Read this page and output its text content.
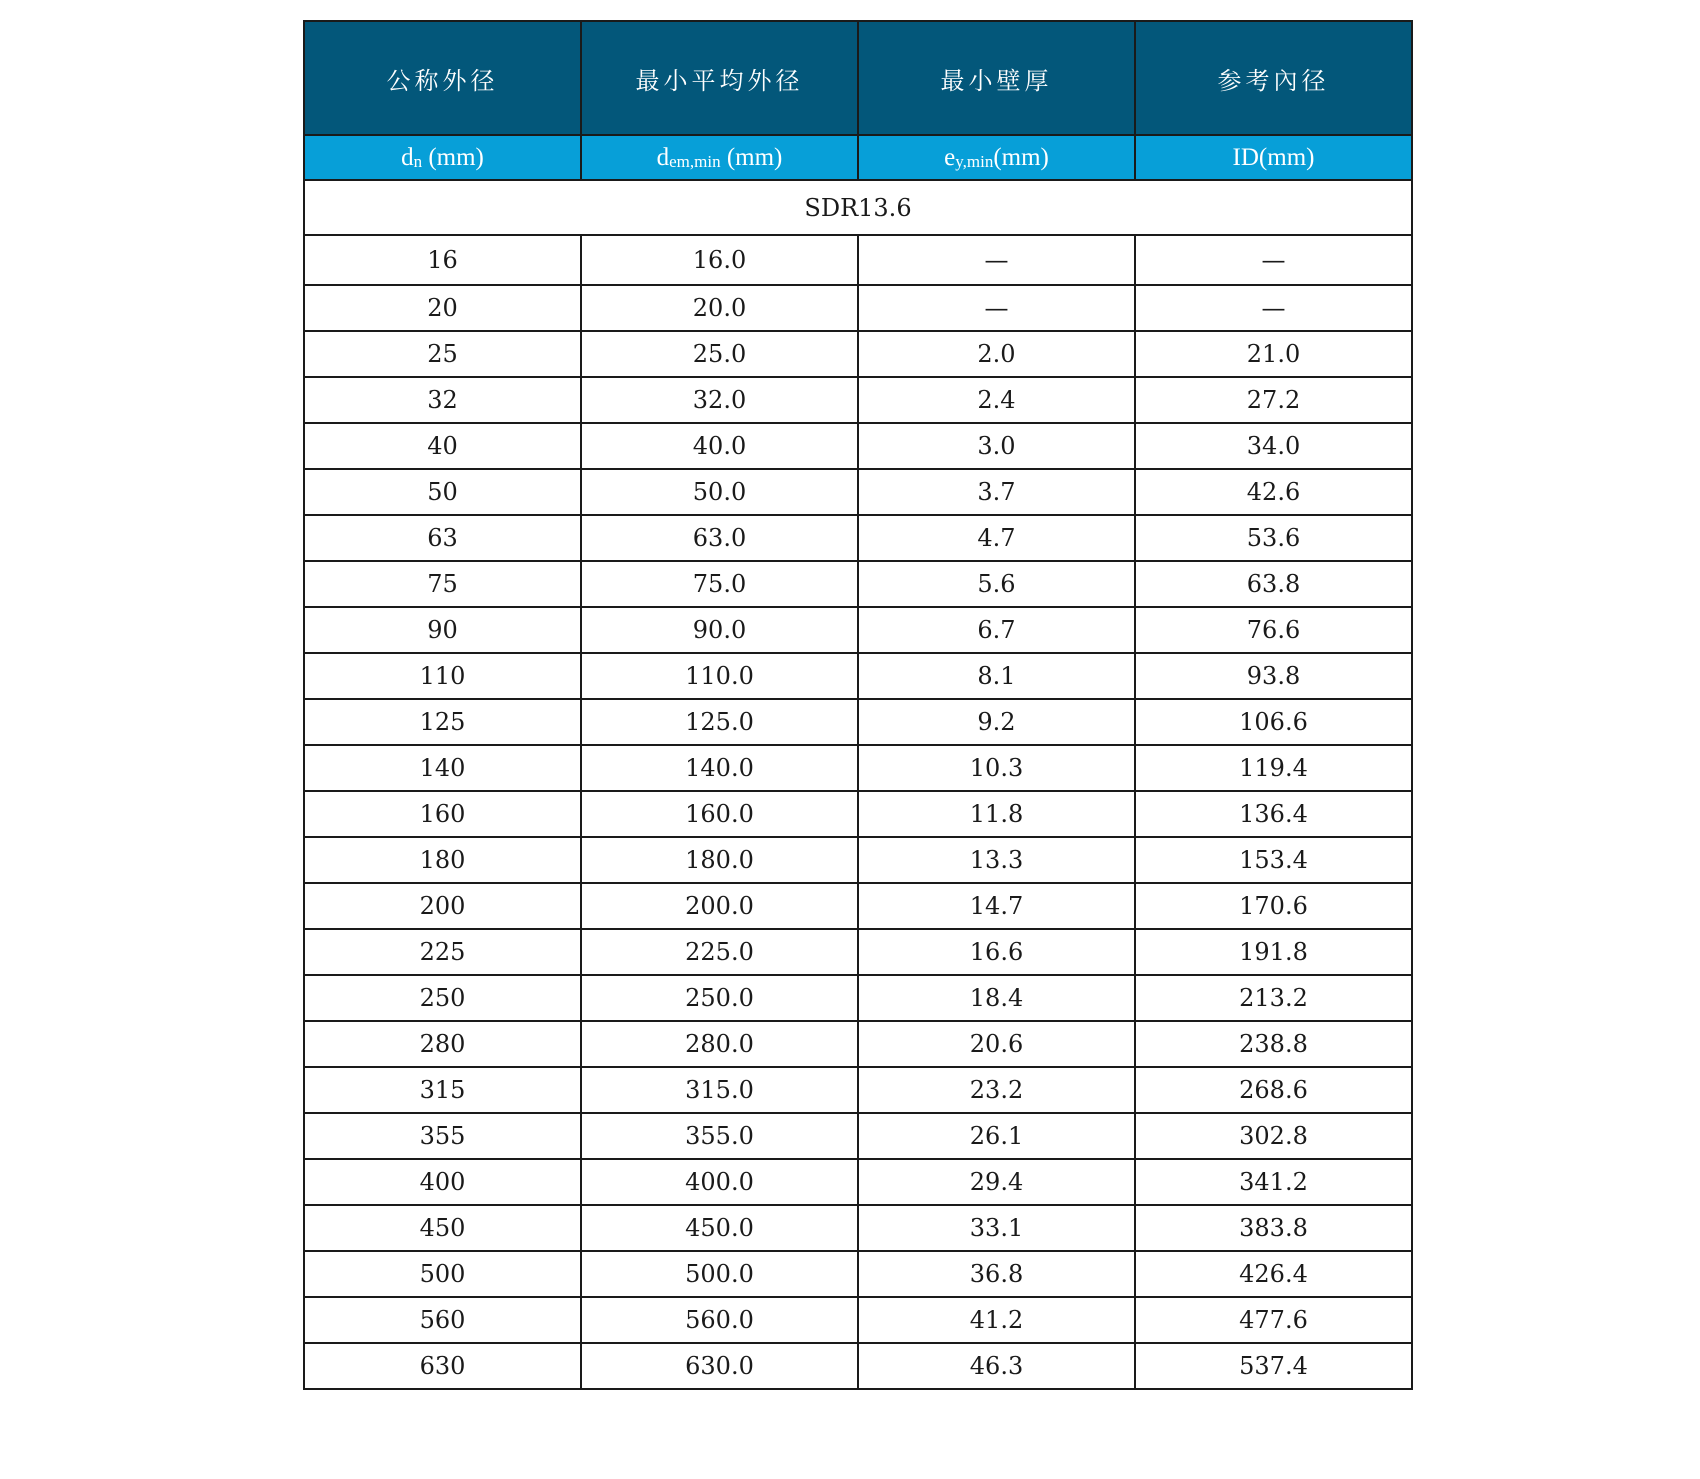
公称外径	最小平均外径	最小壁厚	参考內径
dn (mm)	dem,min (mm)	ey,min(mm)	ID(mm)
SDR13.6			
16	16.0	—	—
20	20.0	—	—
25	25.0	2.0	21.0
32	32.0	2.4	27.2
40	40.0	3.0	34.0
50	50.0	3.7	42.6
63	63.0	4.7	53.6
75	75.0	5.6	63.8
90	90.0	6.7	76.6
110	110.0	8.1	93.8
125	125.0	9.2	106.6
140	140.0	10.3	119.4
160	160.0	11.8	136.4
180	180.0	13.3	153.4
200	200.0	14.7	170.6
225	225.0	16.6	191.8
250	250.0	18.4	213.2
280	280.0	20.6	238.8
315	315.0	23.2	268.6
355	355.0	26.1	302.8
400	400.0	29.4	341.2
450	450.0	33.1	383.8
500	500.0	36.8	426.4
560	560.0	41.2	477.6
630	630.0	46.3	537.4
